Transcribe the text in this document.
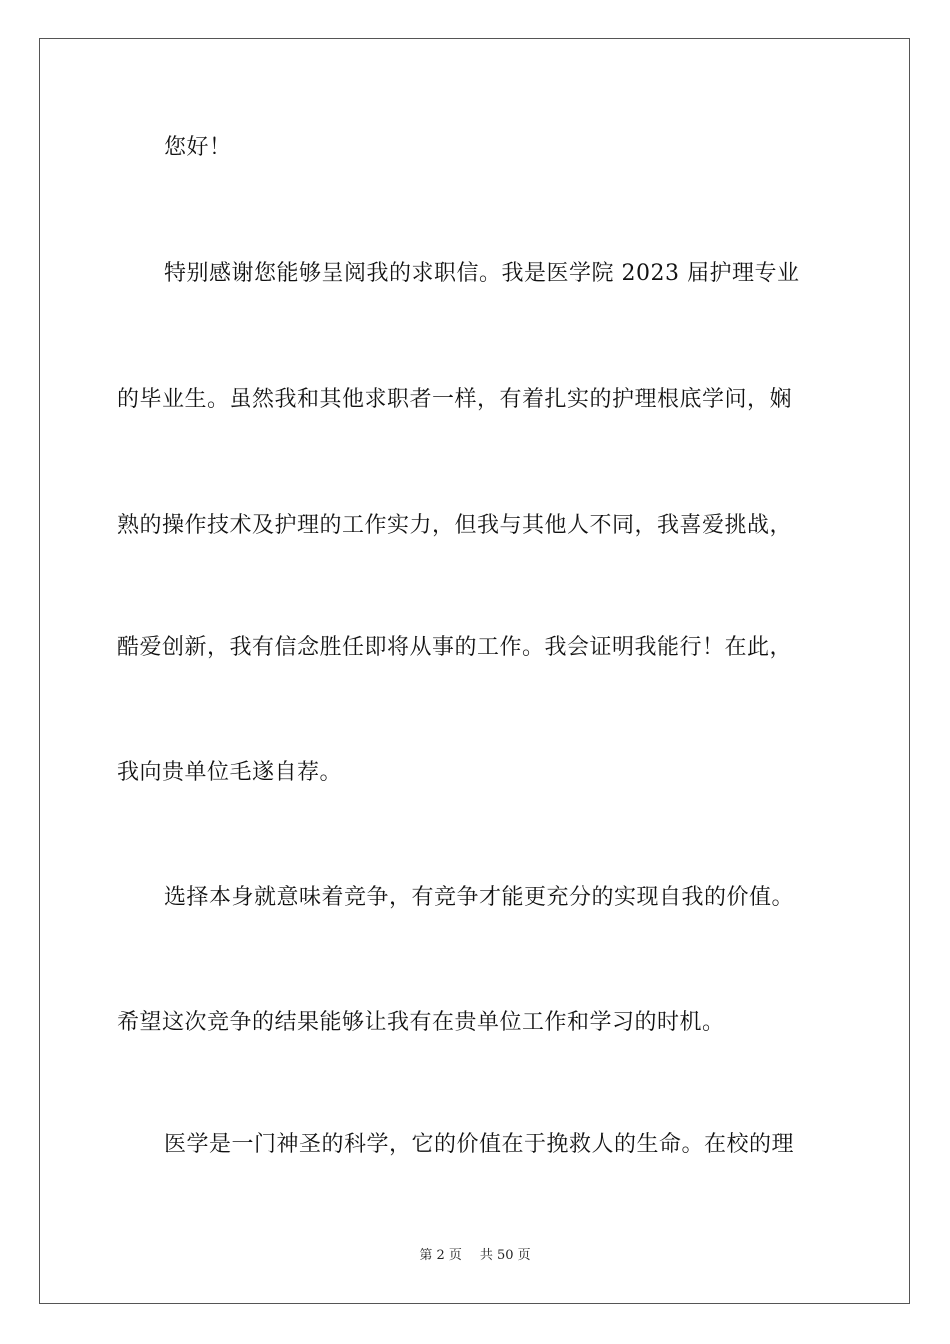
您好！
特别感谢您能够呈阅我的求职信。我是医学院 2023 届护理专业
的毕业生。虽然我和其他求职者一样，有着扎实的护理根底学问，娴
熟的操作技术及护理的工作实力，但我与其他人不同，我喜爱挑战，
酷爱创新，我有信念胜任即将从事的工作。我会证明我能行！在此，
我向贵单位毛遂自荐。
选择本身就意味着竞争，有竞争才能更充分的实现自我的价值。
希望这次竞争的结果能够让我有在贵单位工作和学习的时机。
医学是一门神圣的科学，它的价值在于挽救人的生命。在校的理
第 2 页 共 50 页
